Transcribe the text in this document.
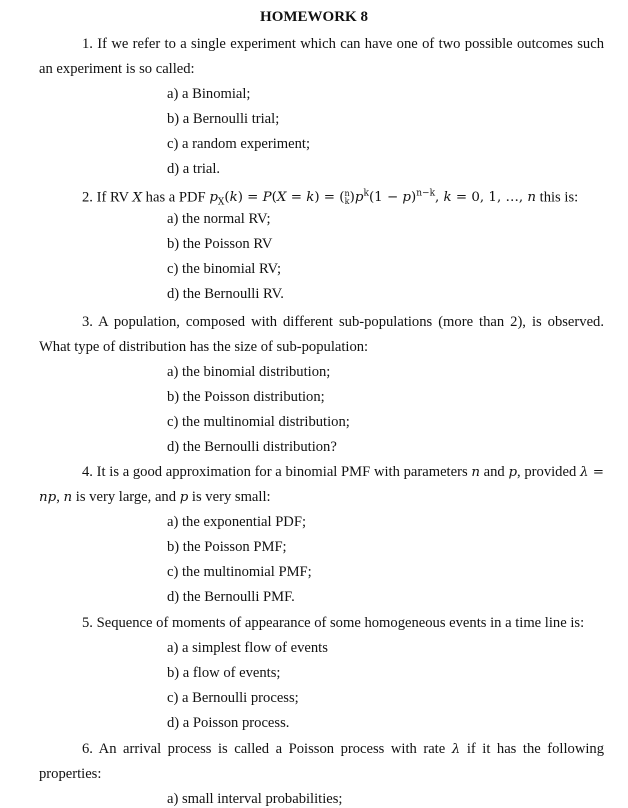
HOMEWORK 8
1. If we refer to a single experiment which can have one of two possible outcomes such
an experiment is so called:
a) a Binomial;
b) a Bernoulli trial;
c) a random experiment;
d) a trial.
2. If RV X has a PDF $p_X(k) = P(X = k) = (n$
$k)p^k(1 - p)^{n-k}$, k = 0, 1, …, n this is:
a) the normal RV;
b) the Poisson RV
c) the binomial RV;
d) the Bernoulli RV.
3. A population, composed with different sub-populations (more than 2), is observed.
What type of distribution has the size of sub-population:
a) the binomial distribution;
b) the Poisson distribution;
c) the multinomial distribution;
d) the Bernoulli distribution?
4. It is a good approximation for a binomial PMF with parameters n and p, provided λ =
np, n is very large, and p is very small:
a) the exponential PDF;
b) the Poisson PMF;
c) the multinomial PMF;
d) the Bernoulli PMF.
5. Sequence of moments of appearance of some homogeneous events in a time line is:
a) a simplest flow of events
b) a flow of events;
c) a Bernoulli process;
d) a Poisson process.
6. An arrival process is called a Poisson process with rate λ if it has the following
properties:
a) small interval probabilities;
